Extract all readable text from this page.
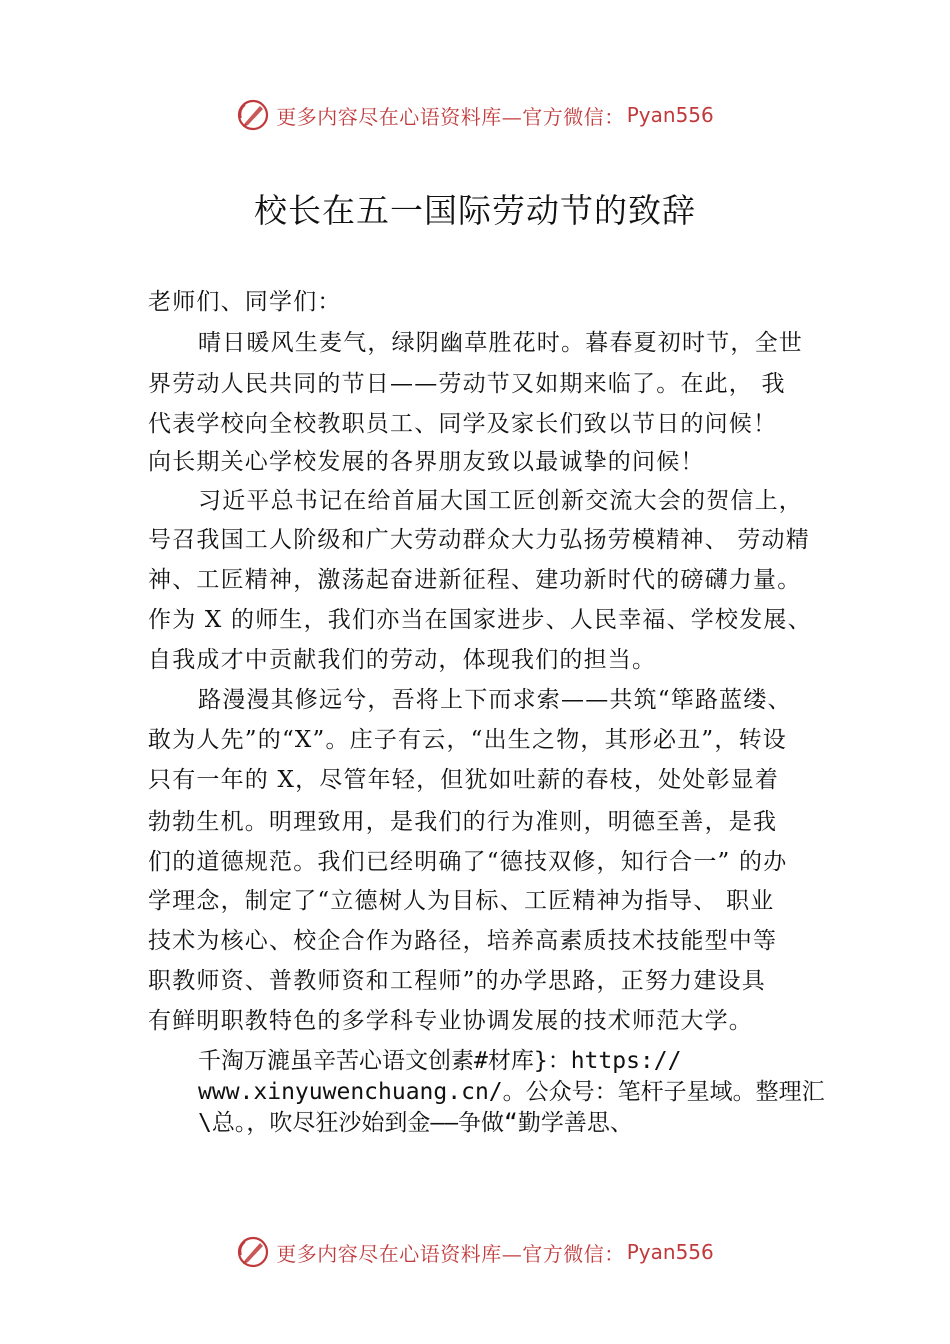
更多内容尽在心语资料库—官方微信： Pyan556
校长在五一国际劳动节的致辞
老师们、同学们：
晴日暖风生麦气，绿阴幽草胜花时。暮春夏初时节，全世
界劳动人民共同的节日——劳动节又如期来临了。在此， 我
代表学校向全校教职员工、同学及家长们致以节日的问候！
向长期关心学校发展的各界朋友致以最诚挚的问候！
习近平总书记在给首届大国工匠创新交流大会的贺信上，
号召我国工人阶级和广大劳动群众大力弘扬劳模精神、 劳动精
神、工匠精神，激荡起奋进新征程、建功新时代的磅礴力量。
作为 X 的师生，我们亦当在国家进步、人民幸福、学校发展、
自我成才中贡献我们的劳动，体现我们的担当。
路漫漫其修远兮，吾将上下而求索——共筑“筚路蓝缕、
敢为人先”的“X”。庄子有云，“出生之物，其形必丑”，转设
只有一年的 X，尽管年轻，但犹如吐薪的春枝，处处彰显着
勃勃生机。明理致用，是我们的行为准则，明德至善，是我
们的道德规范。我们已经明确了“德技双修，知行合一” 的办
学理念，制定了“立德树人为目标、工匠精神为指导、 职业
技术为核心、校企合作为路径，培养高素质技术技能型中等
职教师资、普教师资和工程师”的办学思路，正努力建设具
有鲜明职教特色的多学科专业协调发展的技术师范大学。
千淘万漉虽辛苦心语文创素#材库}：https://
www.xinyuwenchuang.cn/。公众号：笔杆子星域。整理汇
\总。，吹尽狂沙始到金——争做“勤学善思、
更多内容尽在心语资料库—官方微信： Pyan556
